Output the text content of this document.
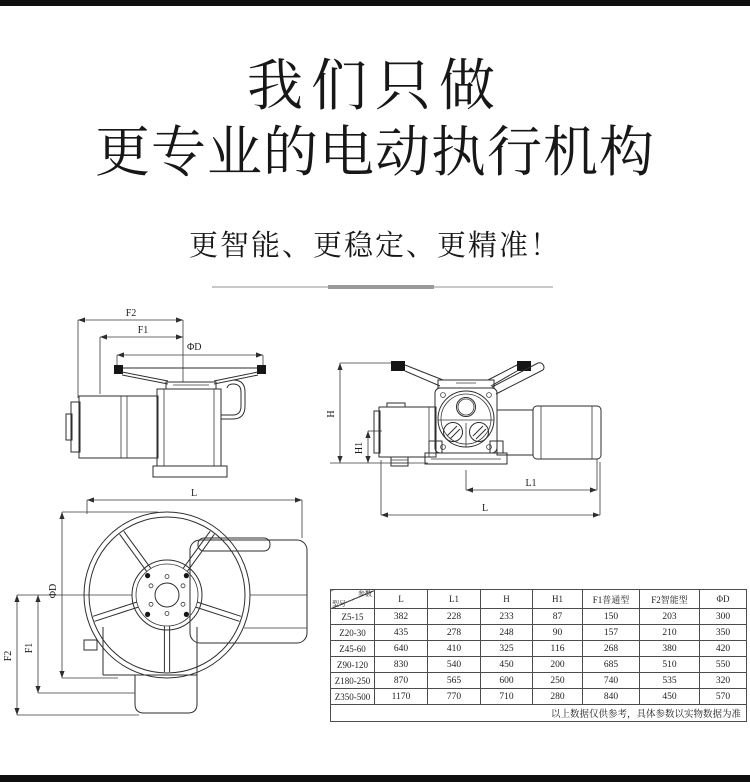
我们只做
更专业的电动执行机构
更智能、更稳定、更精准！
F2
F1
ΦD
H
H1
L1
L
L
ΦD
F1
F2
参数
型号	L	L1	H	H1	F1普通型	F2智能型	ΦD
Z5-15	382	228	233	87	150	203	300
Z20-30	435	278	248	90	157	210	350
Z45-60	640	410	325	116	268	380	420
Z90-120	830	540	450	200	685	510	550
Z180-250	870	565	600	250	740	535	320
Z350-500	1170	770	710	280	840	450	570
以上数据仅供参考，具体参数以实物数据为准							
